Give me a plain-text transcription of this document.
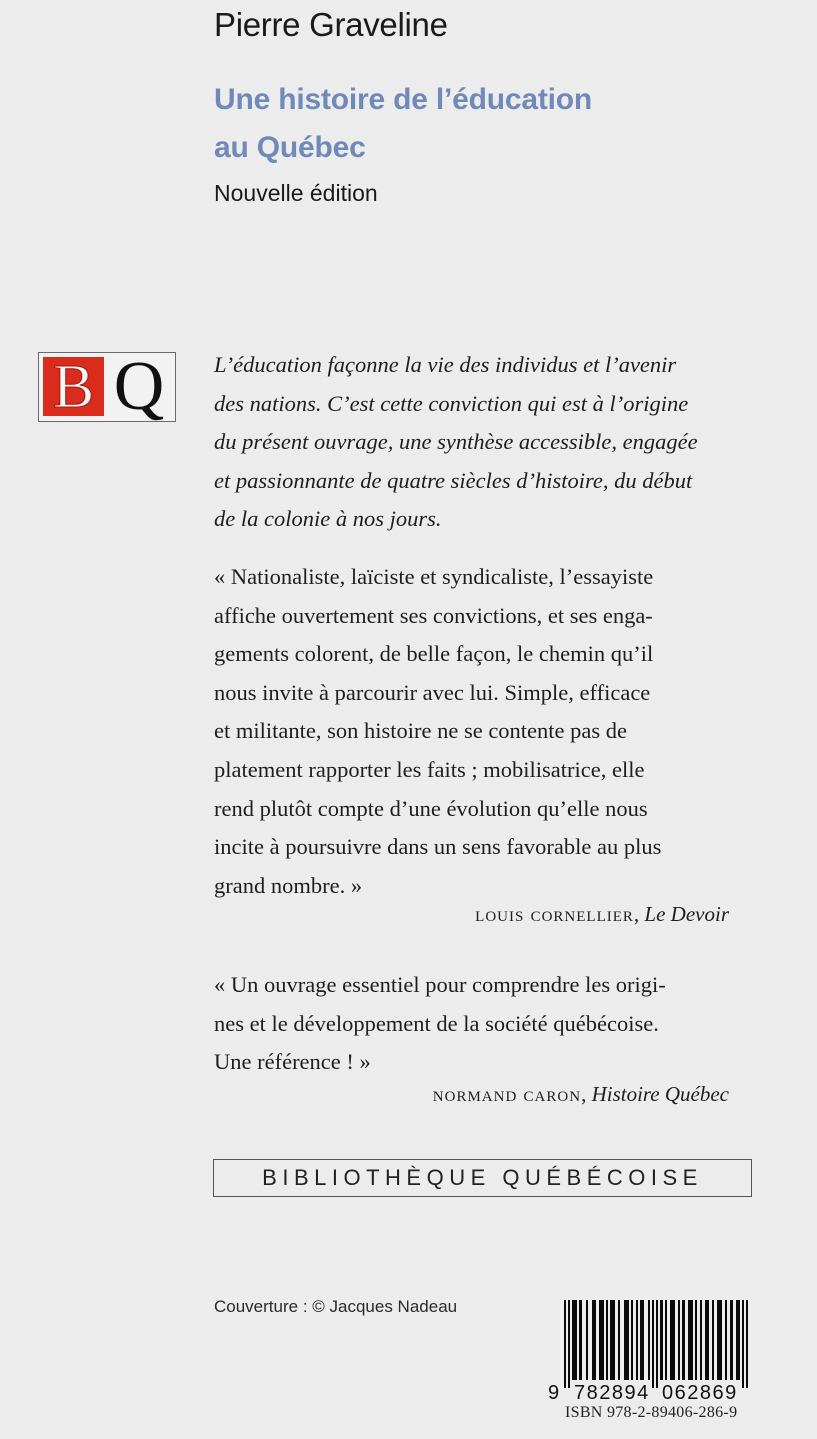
Pierre Graveline
Une histoire de l’éducation
au Québec
Nouvelle édition
B Q	L’éducation façonne la vie des individus et l’avenir
des nations. C’est cette conviction qui est à l’origine
du présent ouvrage, une synthèse accessible, engagée
et passionnante de quatre siècles d’histoire, du début
de la colonie à nos jours.
« Nationaliste, laïciste et syndicaliste, l’essayiste
affiche ouvertement ses convictions, et ses enga-
gements colorent, de belle façon, le chemin qu’il
nous invite à parcourir avec lui. Simple, efficace
et militante, son histoire ne se contente pas de
platement rapporter les faits ; mobilisatrice, elle
rend plutôt compte d’une évolution qu’elle nous
incite à poursuivre dans un sens favorable au plus
grand nombre. »
louis cornellier, Le Devoir
« Un ouvrage essentiel pour comprendre les origi-
nes et le développement de la société québécoise.
Une référence ! »
normand caron, Histoire Québec
BIBLIOTHÈQUE QUÉBÉCOISE
Couverture : © Jacques Nadeau
9 782894 062869
ISBN 978-2-89406-286-9
